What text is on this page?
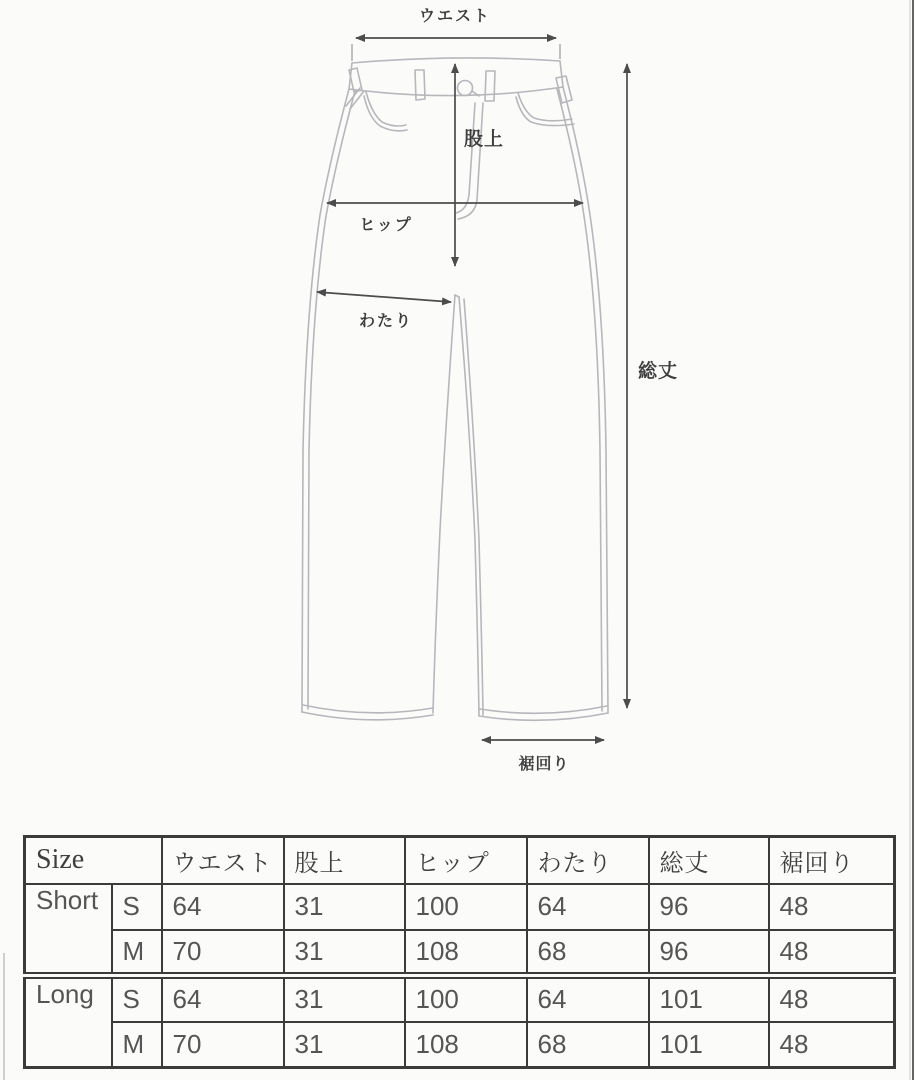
ウエスト
股上
ヒップ
わたり
総丈
裾回り
Size		ウエスト	股上	ヒップ	わたり	総丈	裾回り
Short	S	64	31	100	64	96	48
	M	70	31	108	68	96	48
Long	S	64	31	100	64	101	48
	M	70	31	108	68	101	48
